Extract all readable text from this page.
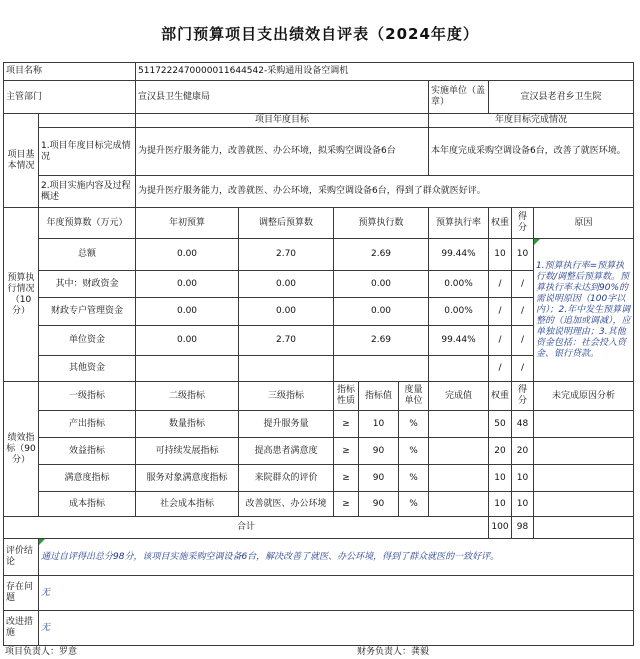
部门预算项目支出绩效自评表（2024年度）
项目名称		5117222470000011644542-采购通用设备空调机								
主管部门		宣汉县卫生健康局					实施单位（盖章）	宣汉县老君乡卫生院		
项目基本情况		项目年度目标					年度目标完成情况			
	1.项目年度目标完成情况	为提升医疗服务能力，改善就医、办公环境，拟采购空调设备6台					本年度完成采购空调设备6台，改善了就医环境。			
	2.项目实施内容及过程概述	为提升医疗服务能力，改善就医、办公环境，采购空调设备6台，得到了群众就医好评。								
预算执行情况（10分）	年度预算数（万元）	年初预算	调整后预算数	预算执行数			预算执行率	权重	得分	原因
	总额	0.00	2.70	2.69			99.44%	10	10	1.预算执行率=预算执行数/调整后预算数。预算执行率未达到90%的需说明原因（100字以内）；2.年中发生预算调整的（追加或调减），应单独说明理由；3.其他资金包括：社会投入资金、银行贷款。
	其中：财政资金	0.00	0.00	0.00			0.00%	/	/	
	财政专户管理资金	0.00	0.00	0.00			0.00%	/	/	
	单位资金	0.00	2.70	2.69			99.44%	/	/	
	其他资金							/	/	
绩效指标（90分）	一级指标	二级指标	三级指标	指标性质	指标值	度量单位	完成值	权重	得分	未完成原因分析
	产出指标	数量指标	提升服务量	≥	10	%		50	48	
	效益指标	可持续发展指标	提高患者满意度	≥	90	%		20	20	
	满意度指标	服务对象满意度指标	来院群众的评价	≥	90	%		10	10	
	成本指标	社会成本指标	改善就医、办公环境	≥	90	%		10	10	
合计								100	98	
评价结论	通过自评得出总分98分，该项目实施采购空调设备6台，解决改善了就医、办公环境，得到了群众就医的一致好评。									
存在问题	无									
改进措施	无									
项目负责人：罗意	财务负责人：龚毅
